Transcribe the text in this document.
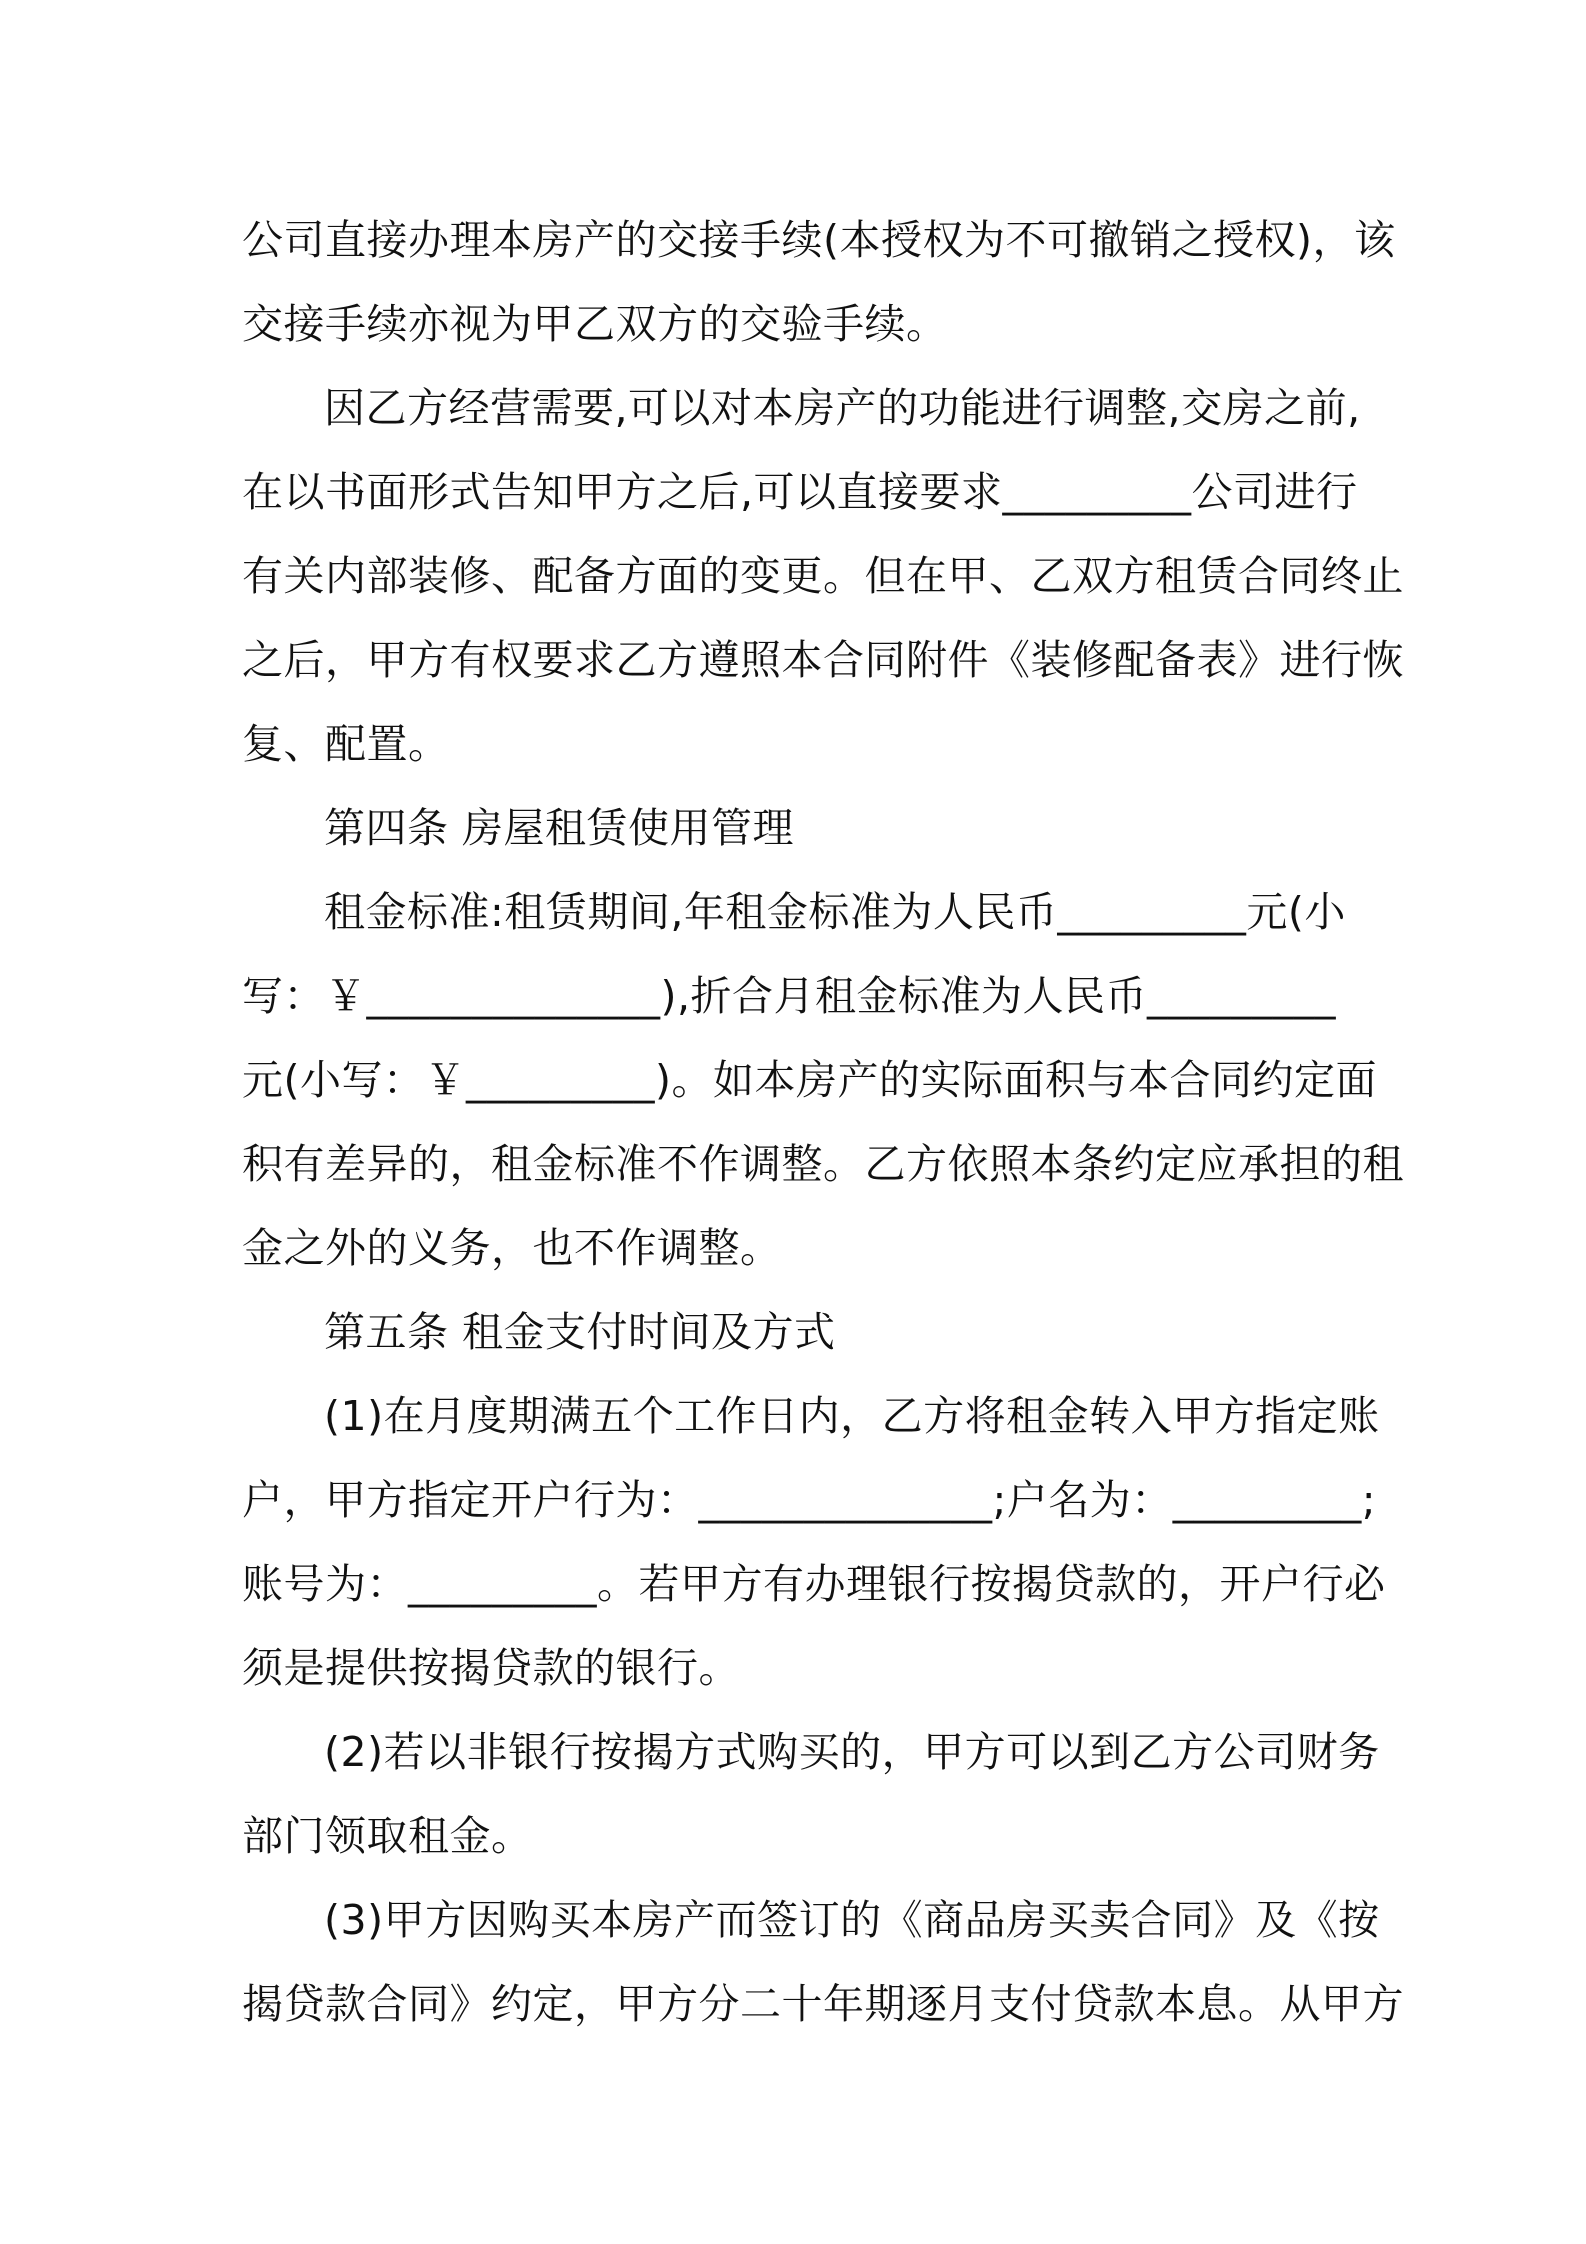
公司直接办理本房产的交接手续(本授权为不可撤销之授权)，该
交接手续亦视为甲乙双方的交验手续。
因乙方经营需要,可以对本房产的功能进行调整,交房之前,
在以书面形式告知甲方之后,可以直接要求_________公司进行
有关内部装修、配备方面的变更。但在甲、乙双方租赁合同终止
之后，甲方有权要求乙方遵照本合同附件《装修配备表》进行恢
复、配置。
第四条 房屋租赁使用管理
租金标准:租赁期间,年租金标准为人民币_________元(小
写：￥______________),折合月租金标准为人民币_________
元(小写：￥_________)。如本房产的实际面积与本合同约定面
积有差异的，租金标准不作调整。乙方依照本条约定应承担的租
金之外的义务，也不作调整。
第五条 租金支付时间及方式
(1)在月度期满五个工作日内，乙方将租金转入甲方指定账
户，甲方指定开户行为：______________;户名为：_________;
账号为：_________。若甲方有办理银行按揭贷款的，开户行必
须是提供按揭贷款的银行。
(2)若以非银行按揭方式购买的，甲方可以到乙方公司财务
部门领取租金。
(3)甲方因购买本房产而签订的《商品房买卖合同》及《按
揭贷款合同》约定，甲方分二十年期逐月支付贷款本息。从甲方
